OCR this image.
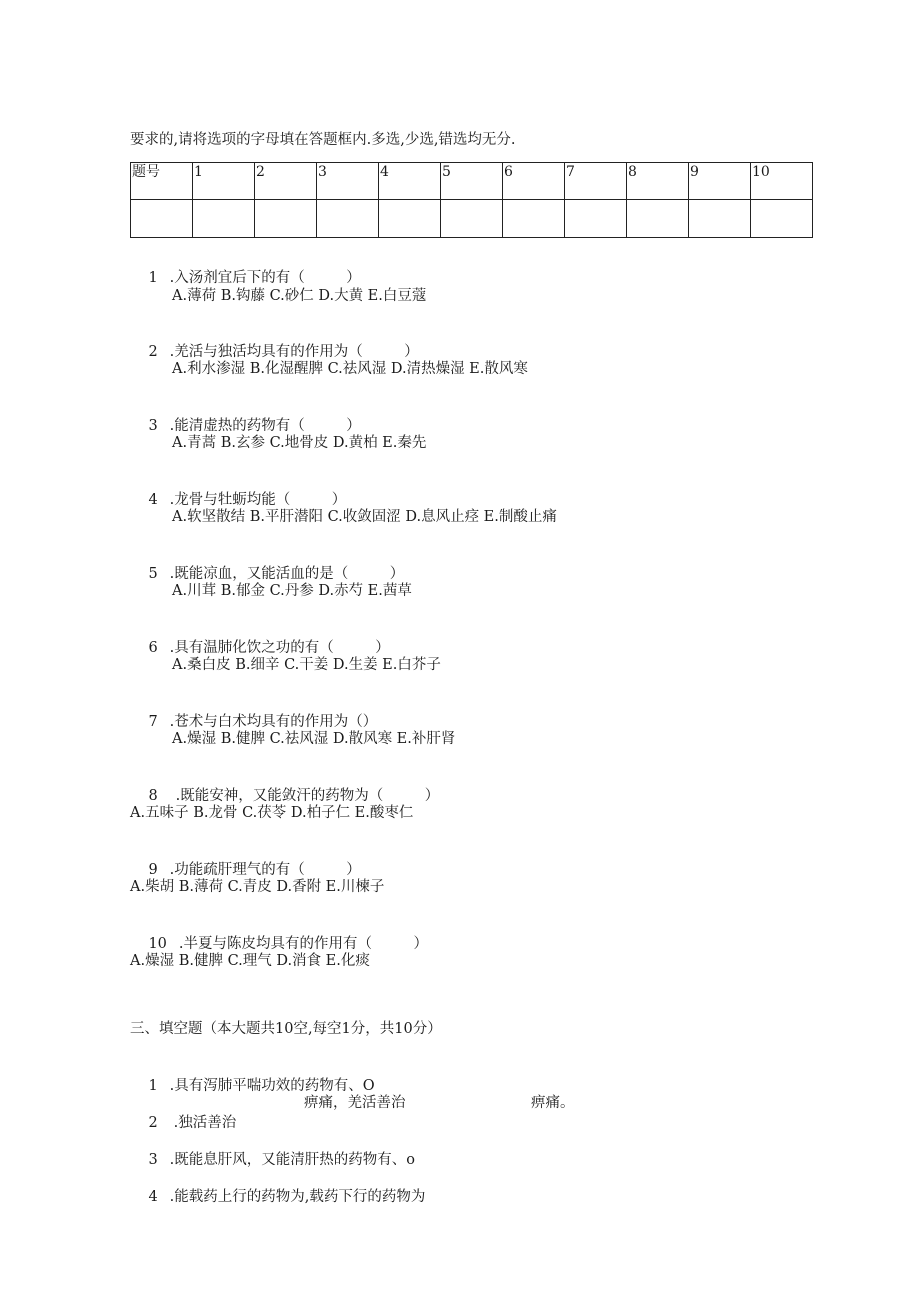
要求的,请将选项的字母填在答题框内.多选,少选,错选均无分.
题号	1	2	3	4	5	6	7	8	9	10

1 .入汤剂宜后下的有（         ）

A.薄荷 B.钩藤 C.砂仁 D.大黄 E.白豆蔻

2 .羌活与独活均具有的作用为（         ）

A.利水渗湿 B.化湿醒脾 C.祛风湿 D.清热燥湿 E.散风寒

3 .能清虚热的药物有（         ）

A.青蒿 B.玄参 C.地骨皮 D.黄柏 E.秦先

4 .龙骨与牡蛎均能（         ）

A.软坚散结 B.平肝潜阳 C.收敛固涩 D.息风止痉 E.制酸止痛

5 .既能凉血，又能活血的是（         ）

A.川茸 B.郁金 C.丹参 D.赤芍 E.茜草

6 .具有温肺化饮之功的有（         ）

A.桑白皮 B.细辛 C.干姜 D.生姜 E.白芥子

7 .苍术与白术均具有的作用为（）

A.燥湿 B.健脾 C.祛风湿 D.散风寒 E.补肝肾

8 .既能安神，又能敛汗的药物为（         ）

A.五味子 B.龙骨 C.茯苓 D.柏子仁 E.酸枣仁

9 .功能疏肝理气的有（         ）

A.柴胡 B.薄荷 C.青皮 D.香附 E.川楝子

10 .半夏与陈皮均具有的作用有（         ）

A.燥湿 B.健脾 C.理气 D.消食 E.化痰
三、填空题（本大题共10空,每空1分，共10分）

1 .具有泻肺平喘功效的药物有、O

2 .独活善治

痹痛，羌活善治	痹痛。

3 .既能息肝风，又能清肝热的药物有、o

4 .能载药上行的药物为,载药下行的药物为
